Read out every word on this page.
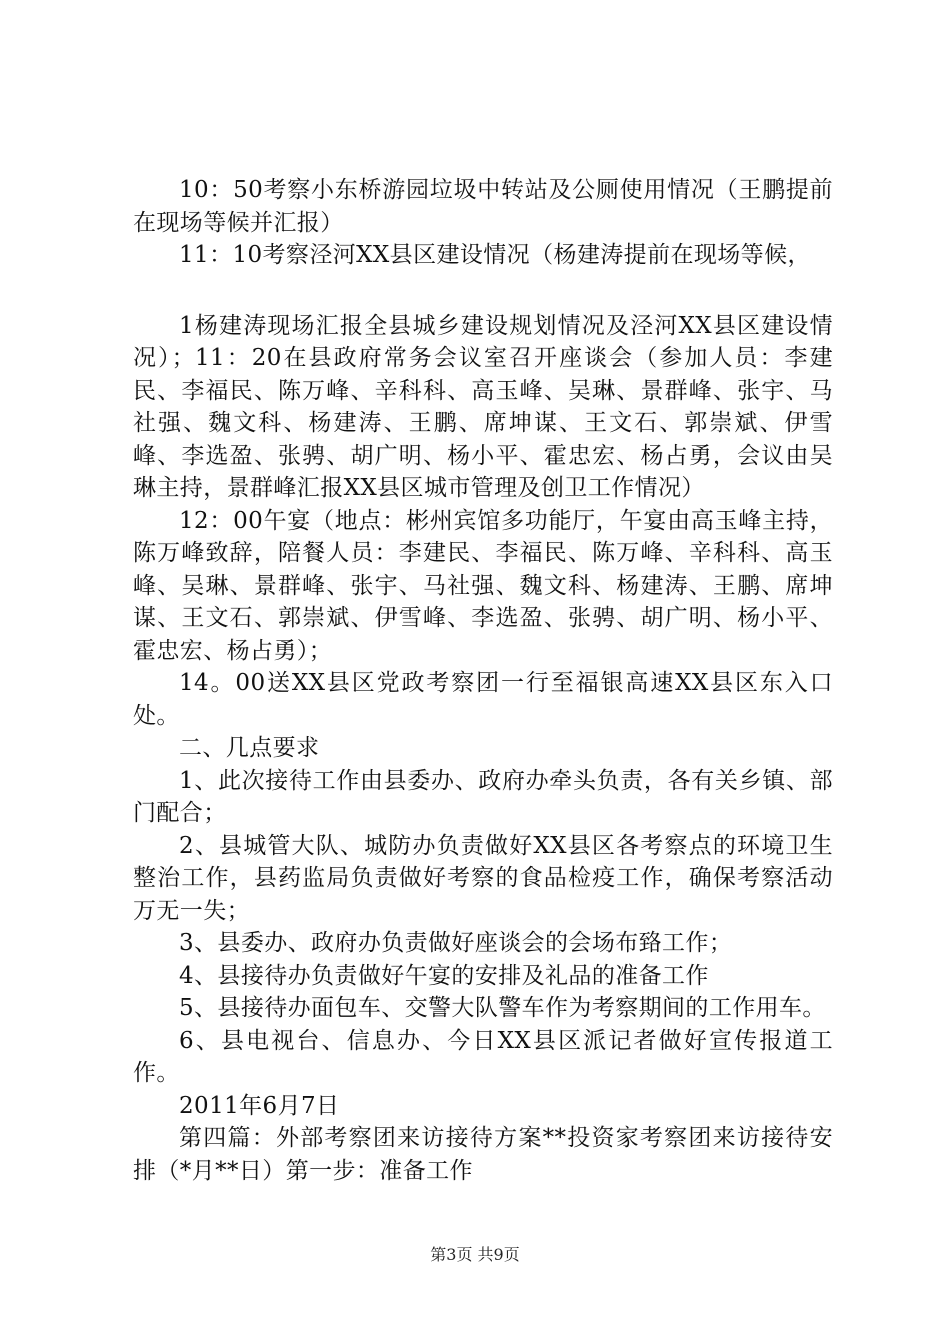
10：50考察小东桥游园垃圾中转站及公厕使用情况（王鹏提前在现场等候并汇报）

11：10考察泾河XX县区建设情况（杨建涛提前在现场等候，

1杨建涛现场汇报全县城乡建设规划情况及泾河XX县区建设情况）；11：20在县政府常务会议室召开座谈会（参加人员：李建民、李福民、陈万峰、辛科科、高玉峰、吴琳、景群峰、张宇、马社强、魏文科、杨建涛、王鹏、席坤谋、王文石、郭崇斌、伊雪峰、李选盈、张骋、胡广明、杨小平、霍忠宏、杨占勇，会议由吴琳主持，景群峰汇报XX县区城市管理及创卫工作情况）

12：00午宴（地点：彬州宾馆多功能厅，午宴由高玉峰主持，陈万峰致辞，陪餐人员：李建民、李福民、陈万峰、辛科科、高玉峰、吴琳、景群峰、张宇、马社强、魏文科、杨建涛、王鹏、席坤谋、王文石、郭崇斌、伊雪峰、李选盈、张骋、胡广明、杨小平、霍忠宏、杨占勇）；

14。00送XX县区党政考察团一行至福银高速XX县区东入口处。

二、几点要求

1、此次接待工作由县委办、政府办牵头负责，各有关乡镇、部门配合；

2、县城管大队、城防办负责做好XX县区各考察点的环境卫生整治工作，县药监局负责做好考察的食品检疫工作，确保考察活动万无一失；

3、县委办、政府办负责做好座谈会的会场布臵工作；

4、县接待办负责做好午宴的安排及礼品的准备工作

5、县接待办面包车、交警大队警车作为考察期间的工作用车。

6、县电视台、信息办、今日XX县区派记者做好宣传报道工作。

2011年6月7日

第四篇：外部考察团来访接待方案**投资家考察团来访接待安排（*月**日）第一步：准备工作

第3页 共9页
